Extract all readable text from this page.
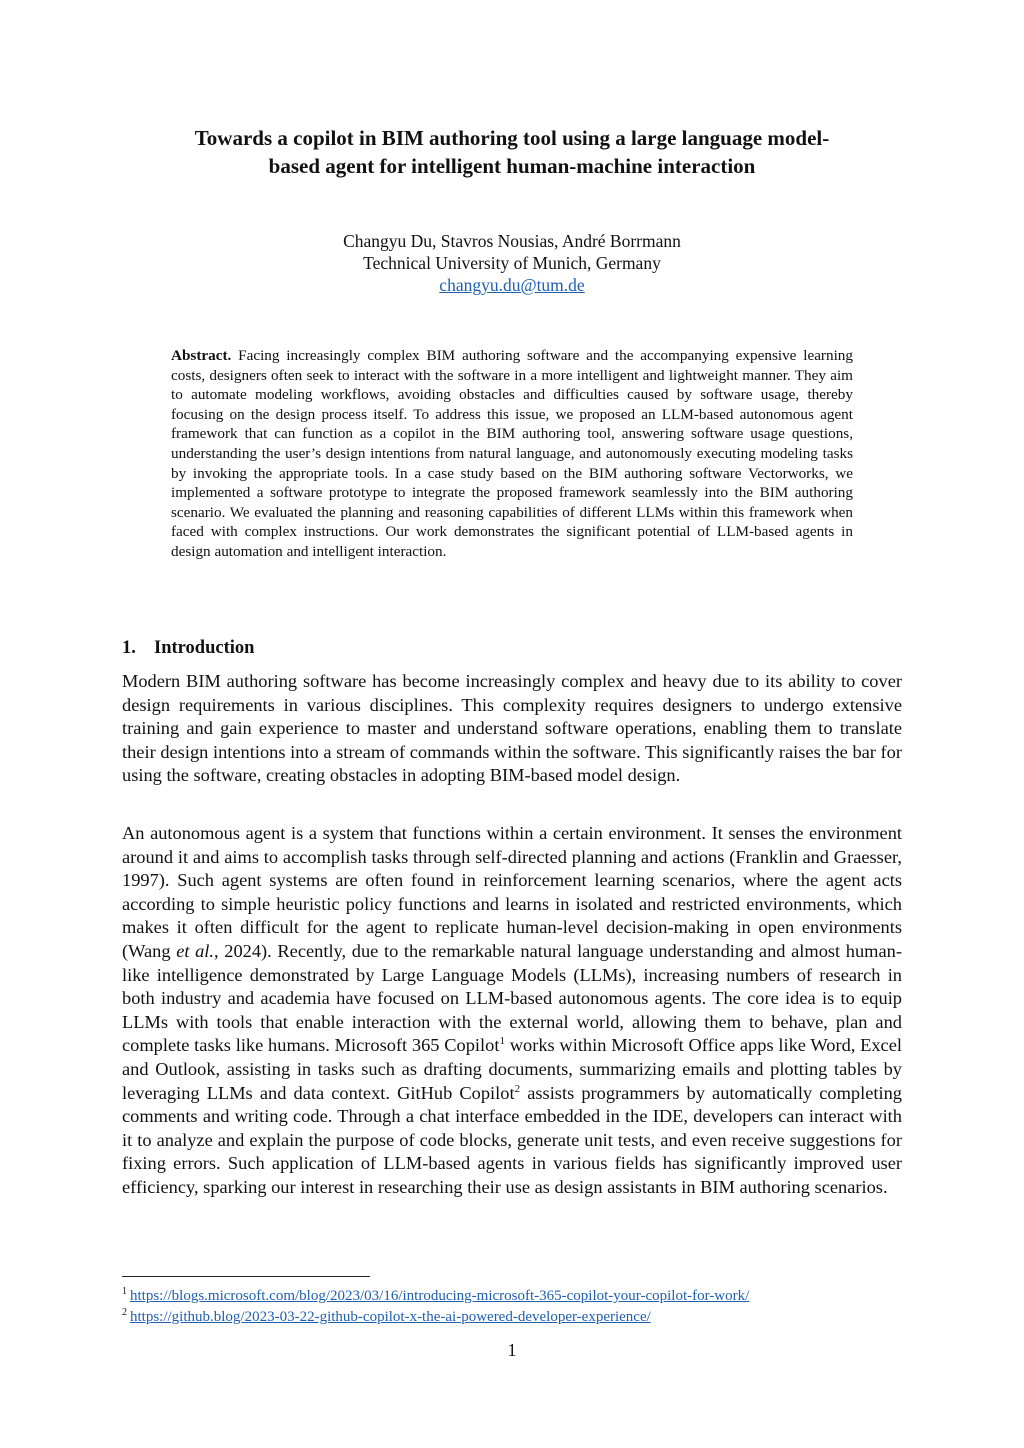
Towards a copilot in BIM authoring tool using a large language model-
based agent for intelligent human-machine interaction
Changyu Du, Stavros Nousias, André Borrmann
Technical University of Munich, Germany
changyu.du@tum.de
Abstract. Facing increasingly complex BIM authoring software and the accompanying expensive learning costs, designers often seek to interact with the software in a more intelligent and lightweight manner. They aim to automate modeling workflows, avoiding obstacles and difficulties caused by software usage, thereby focusing on the design process itself. To address this issue, we proposed an LLM-based autonomous agent framework that can function as a copilot in the BIM authoring tool, answering software usage questions, understanding the user’s design intentions from natural language, and autonomously executing modeling tasks by invoking the appropriate tools. In a case study based on the BIM authoring software Vectorworks, we implemented a software prototype to integrate the proposed framework seamlessly into the BIM authoring scenario. We evaluated the planning and reasoning capabilities of different LLMs within this framework when faced with complex instructions. Our work demonstrates the significant potential of LLM-based agents in design automation and intelligent interaction.
1. Introduction
Modern BIM authoring software has become increasingly complex and heavy due to its ability to cover design requirements in various disciplines. This complexity requires designers to undergo extensive training and gain experience to master and understand software operations, enabling them to translate their design intentions into a stream of commands within the software. This significantly raises the bar for using the software, creating obstacles in adopting BIM-based model design.
An autonomous agent is a system that functions within a certain environment. It senses the environment around it and aims to accomplish tasks through self-directed planning and actions (Franklin and Graesser, 1997). Such agent systems are often found in reinforcement learning scenarios, where the agent acts according to simple heuristic policy functions and learns in isolated and restricted environments, which makes it often difficult for the agent to replicate human-level decision-making in open environments (Wang et al., 2024). Recently, due to the remarkable natural language understanding and almost human-like intelligence demonstrated by Large Language Models (LLMs), increasing numbers of research in both industry and academia have focused on LLM-based autonomous agents. The core idea is to equip LLMs with tools that enable interaction with the external world, allowing them to behave, plan and complete tasks like humans. Microsoft 365 Copilot$^1$ works within Microsoft Office apps like Word, Excel and Outlook, assisting in tasks such as drafting documents, summarizing emails and plotting tables by leveraging LLMs and data context. GitHub Copilot$^2$ assists programmers by automatically completing comments and writing code. Through a chat interface embedded in the IDE, developers can interact with it to analyze and explain the purpose of code blocks, generate unit tests, and even receive suggestions for fixing errors. Such application of LLM-based agents in various fields has significantly improved user efficiency, sparking our interest in researching their use as design assistants in BIM authoring scenarios.
$^1$ https://blogs.microsoft.com/blog/2023/03/16/introducing-microsoft-365-copilot-your-copilot-for-work/
$^2$ https://github.blog/2023-03-22-github-copilot-x-the-ai-powered-developer-experience/
1
